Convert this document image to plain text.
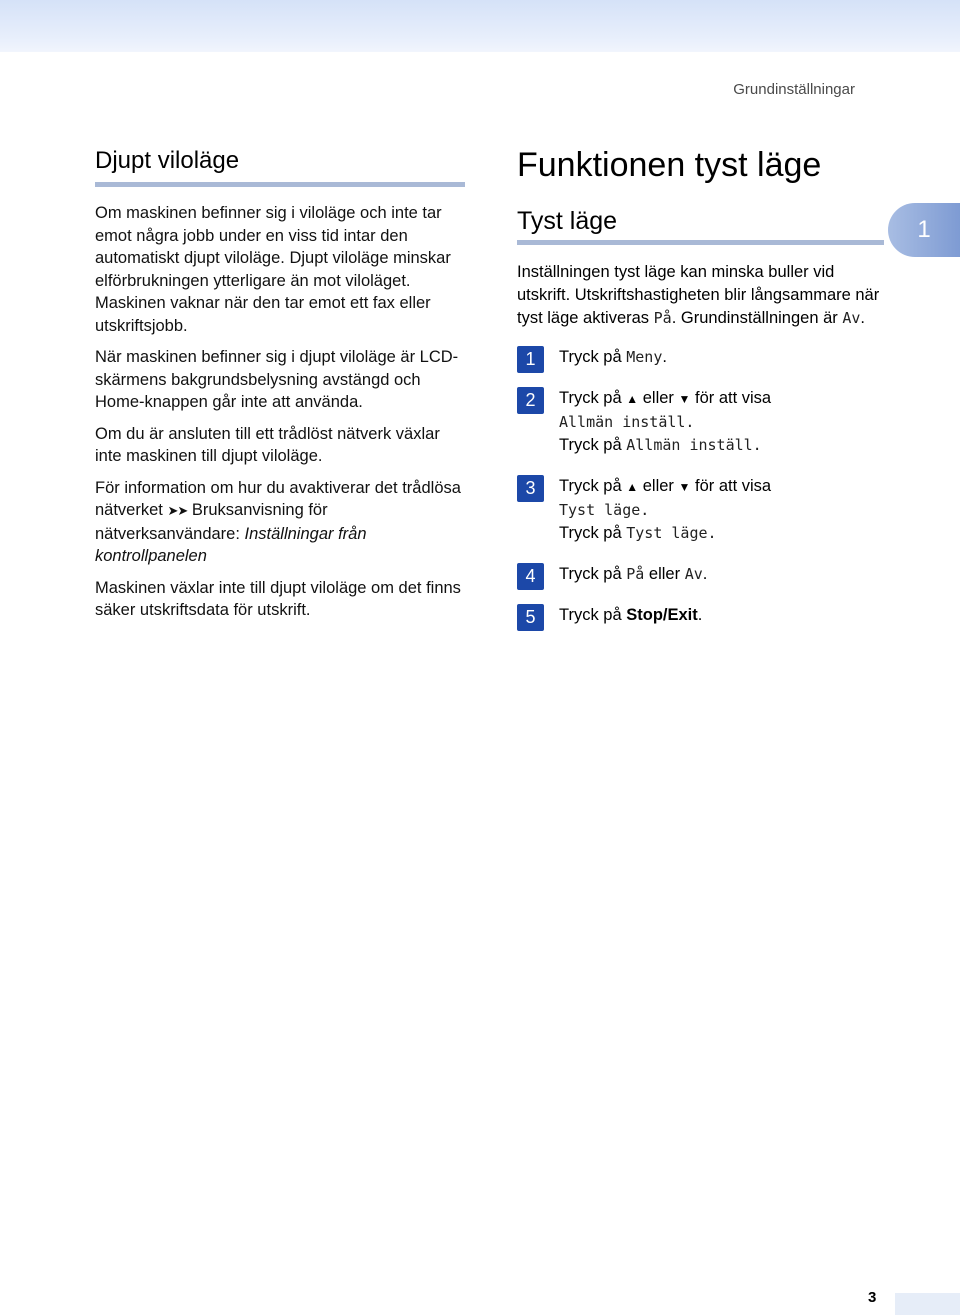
Grundinställningar
1
Djupt viloläge

Om maskinen befinner sig i viloläge och inte tar emot några jobb under en viss tid intar den automatiskt djupt viloläge. Djupt viloläge minskar elförbrukningen ytterligare än mot viloläget. Maskinen vaknar när den tar emot ett fax eller utskriftsjobb.

När maskinen befinner sig i djupt viloläge är LCD-skärmens bakgrundsbelysning avstängd och Home-knappen går inte att använda.

Om du är ansluten till ett trådlöst nätverk växlar inte maskinen till djupt viloläge.

För information om hur du avaktiverar det trådlösa nätverket ➤➤ Bruksanvisning för nätverksanvändare: Inställningar från kontrollpanelen

Maskinen växlar inte till djupt viloläge om det finns säker utskriftsdata för utskrift.

Funktionen tyst läge
Tyst läge

Inställningen tyst läge kan minska buller vid utskrift. Utskriftshastigheten blir långsammare när tyst läge aktiveras På. Grundinställningen är Av.

1	Tryck på Meny.
2	Tryck på ▲ eller ▼ för att visa
Allmän inställ.
Tryck på Allmän inställ.
3	Tryck på ▲ eller ▼ för att visa
Tyst läge.
Tryck på Tyst läge.
4	Tryck på På eller Av.
5	Tryck på Stop/Exit.
3
